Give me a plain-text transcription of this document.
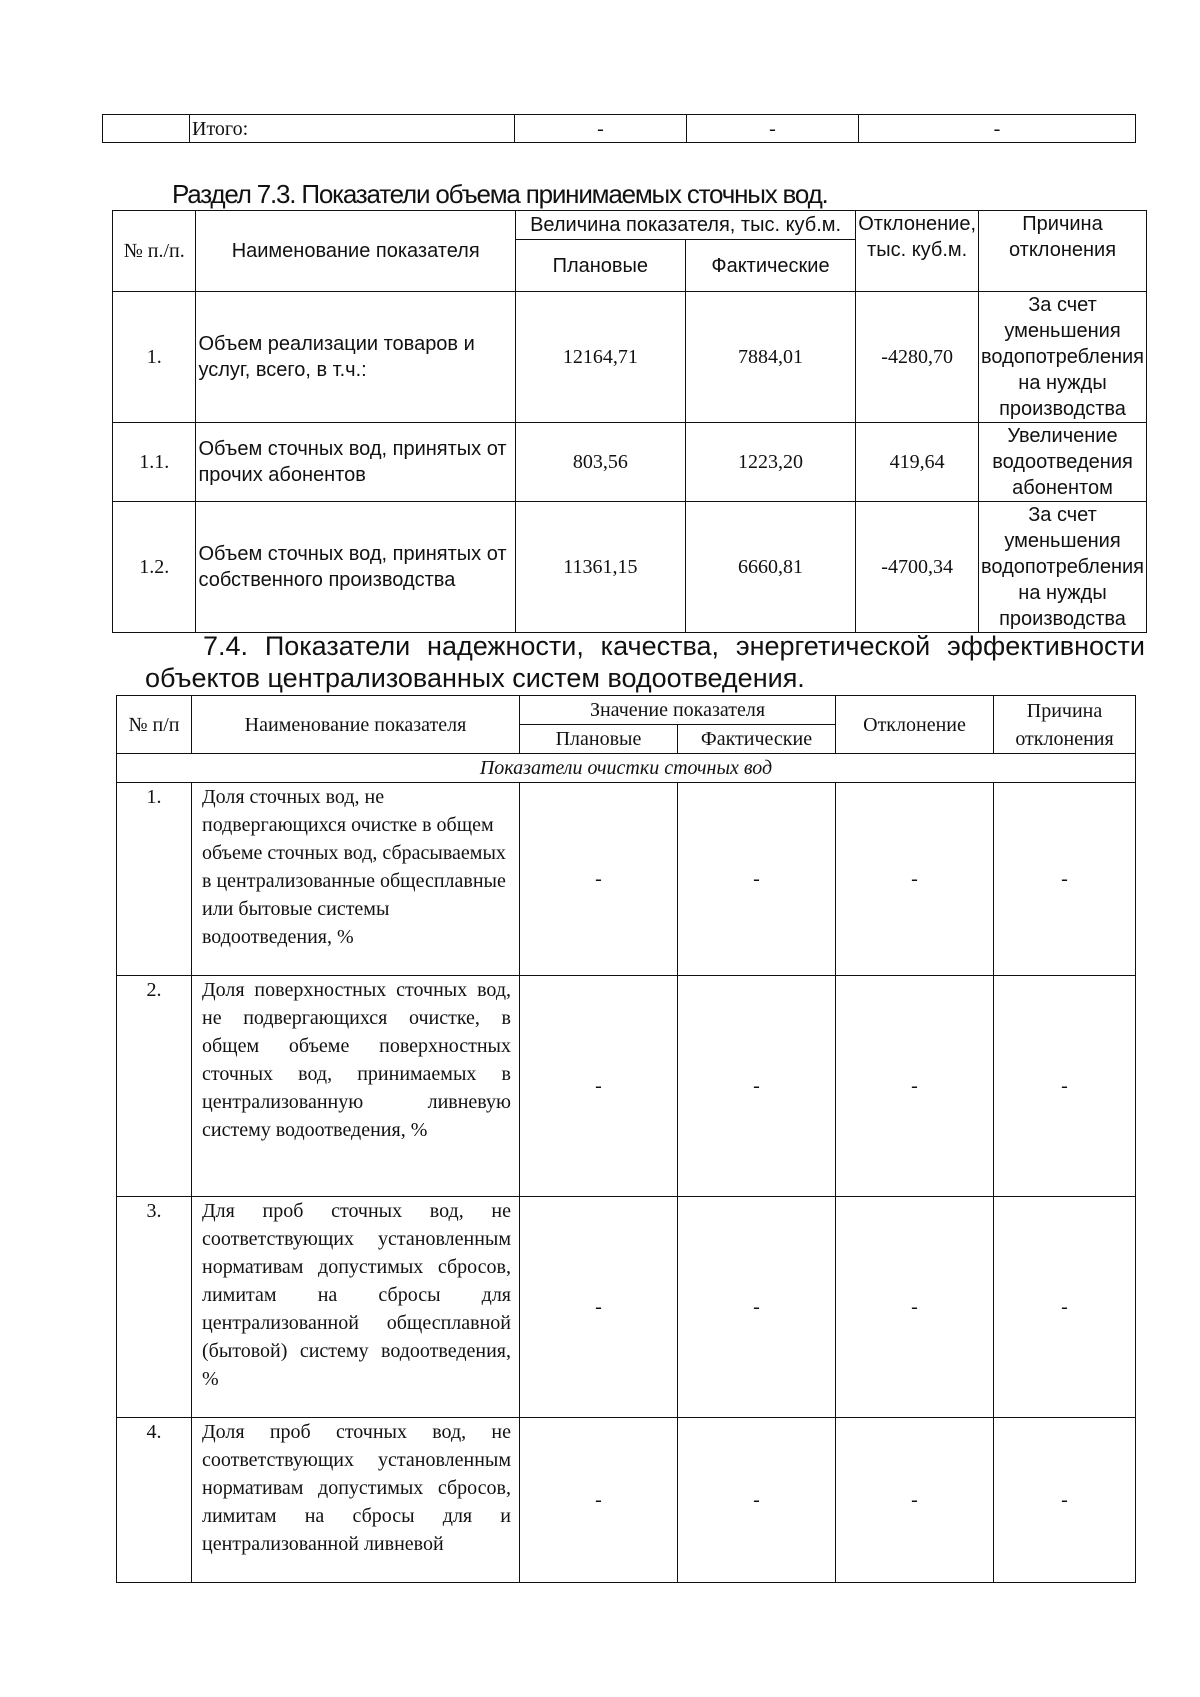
	Итого:	-	-	-
Раздел 7.3. Показатели объема принимаемых сточных вод.
№ п./п.	Наименование показателя	Величина показателя, тыс. куб.м.		Отклонение, тыс. куб.м.	Причина отклонения
		Плановые	Фактические		
1.	Объем реализации товаров и услуг, всего, в т.ч.:	12164,71	7884,01	-4280,70	За счет уменьшения водопотребления на нужды производства
1.1.	Объем сточных вод, принятых от прочих абонентов	803,56	1223,20	419,64	Увеличение водоотведения абонентом
1.2.	Объем сточных вод, принятых от собственного производства	11361,15	6660,81	-4700,34	За счет уменьшения водопотребления на нужды производства
7.4. Показатели надежности, качества, энергетической эффективности объектов централизованных систем водоотведения.
№ п/п	Наименование показателя	Значение показателя		Отклонение	Причина отклонения
		Плановые	Фактические		
Показатели очистки сточных вод					
1.	Доля сточных вод, не подвергающихся очистке в общем объеме сточных вод, сбрасываемых в централизованные общесплавные или бытовые системы водоотведения, %	-	-	-	-
2.	Доля поверхностных сточных вод, не подвергающихся очистке, в общем объеме поверхностных сточных вод, принимаемых в централизованную ливневую систему водоотведения, %	-	-	-	-
3.	Для проб сточных вод, не соответствующих установленным нормативам допустимых сбросов, лимитам на сбросы для централизованной общесплавной (бытовой) систему водоотведения, %	-	-	-	-
4.	Доля проб сточных вод, не соответствующих установленным нормативам допустимых сбросов, лимитам на сбросы для и централизованной ливневой	-	-	-	-
